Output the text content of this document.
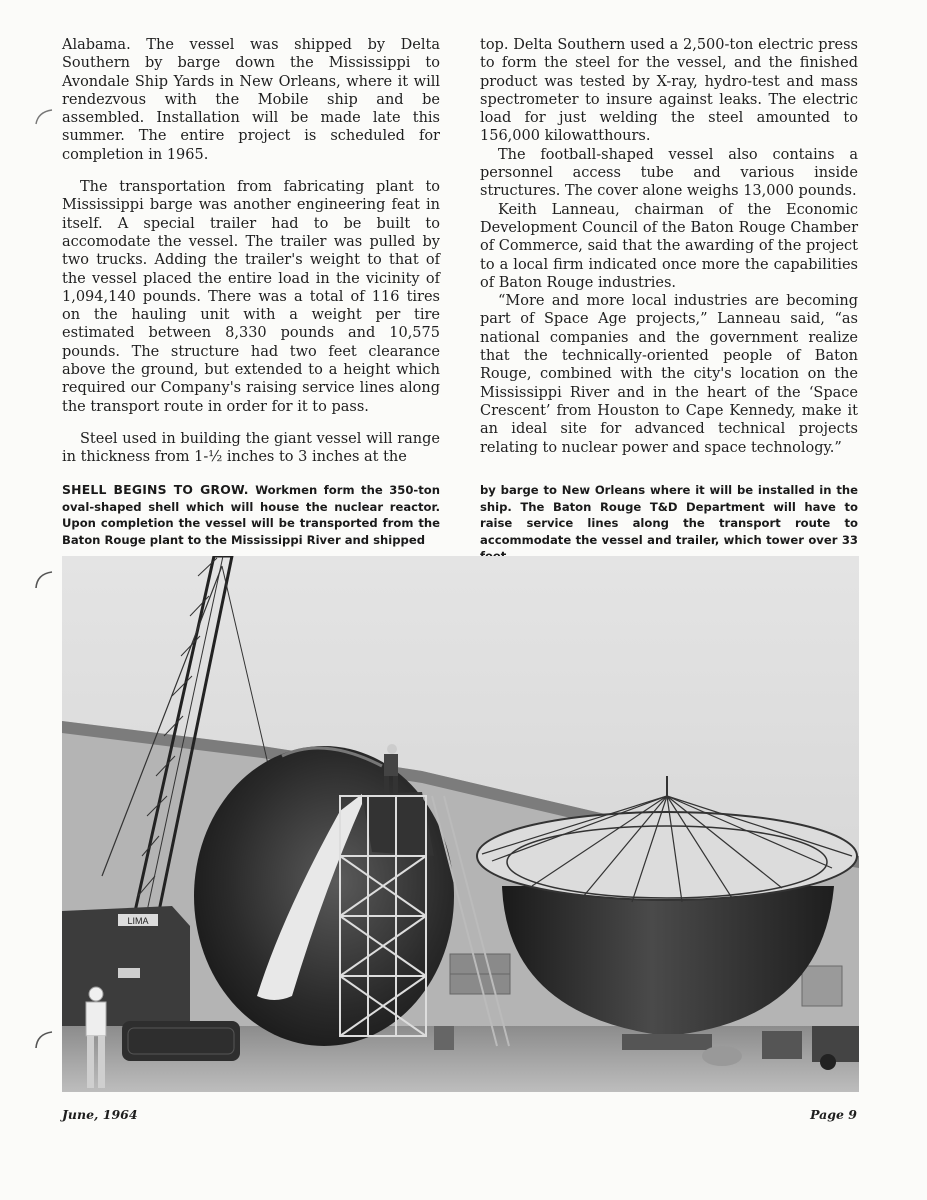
Alabama. The vessel was shipped by Delta Southern by barge down the Mississippi to Avondale Ship Yards in New Orleans, where it will rendezvous with the Mobile ship and be assembled. Installation will be made late this summer. The entire project is scheduled for completion in 1965.

The transportation from fabricating plant to Mississippi barge was another engineering feat in itself. A special trailer had to be built to accomodate the vessel. The trailer was pulled by two trucks. Adding the trailer's weight to that of the vessel placed the entire load in the vicinity of 1,094,140 pounds. There was a total of 116 tires on the hauling unit with a weight per tire estimated between 8,330 pounds and 10,575 pounds. The structure had two feet clearance above the ground, but extended to a height which required our Company's raising service lines along the transport route in order for it to pass.

Steel used in building the giant vessel will range in thickness from 1-½ inches to 3 inches at the

top. Delta Southern used a 2,500-ton electric press to form the steel for the vessel, and the finished product was tested by X-ray, hydro-test and mass spectrometer to insure against leaks. The electric load for just welding the steel amounted to 156,000 kilowatthours.

The football-shaped vessel also contains a personnel access tube and various inside structures. The cover alone weighs 13,000 pounds.

Keith Lanneau, chairman of the Economic Development Council of the Baton Rouge Chamber of Commerce, said that the awarding of the project to a local firm indicated once more the capabilities of Baton Rouge industries.

“More and more local industries are becoming part of Space Age projects,” Lanneau said, “as national companies and the government realize that the technically-oriented people of Baton Rouge, combined with the city's location on the Mississippi River and in the heart of the ‘Space Crescent’ from Houston to Cape Kennedy, make it an ideal site for advanced technical projects relating to nuclear power and space technology.”

SHELL BEGINS TO GROW. Workmen form the 350-ton oval-shaped shell which will house the nuclear reactor. Upon completion the vessel will be transported from the Baton Rouge plant to the Mississippi River and shipped
by barge to New Orleans where it will be installed in the ship. The Baton Rouge T&D Department will have to raise service lines along the transport route to accommodate the vessel and trailer, which tower over 33
LIMA
June, 1964	Page 9
